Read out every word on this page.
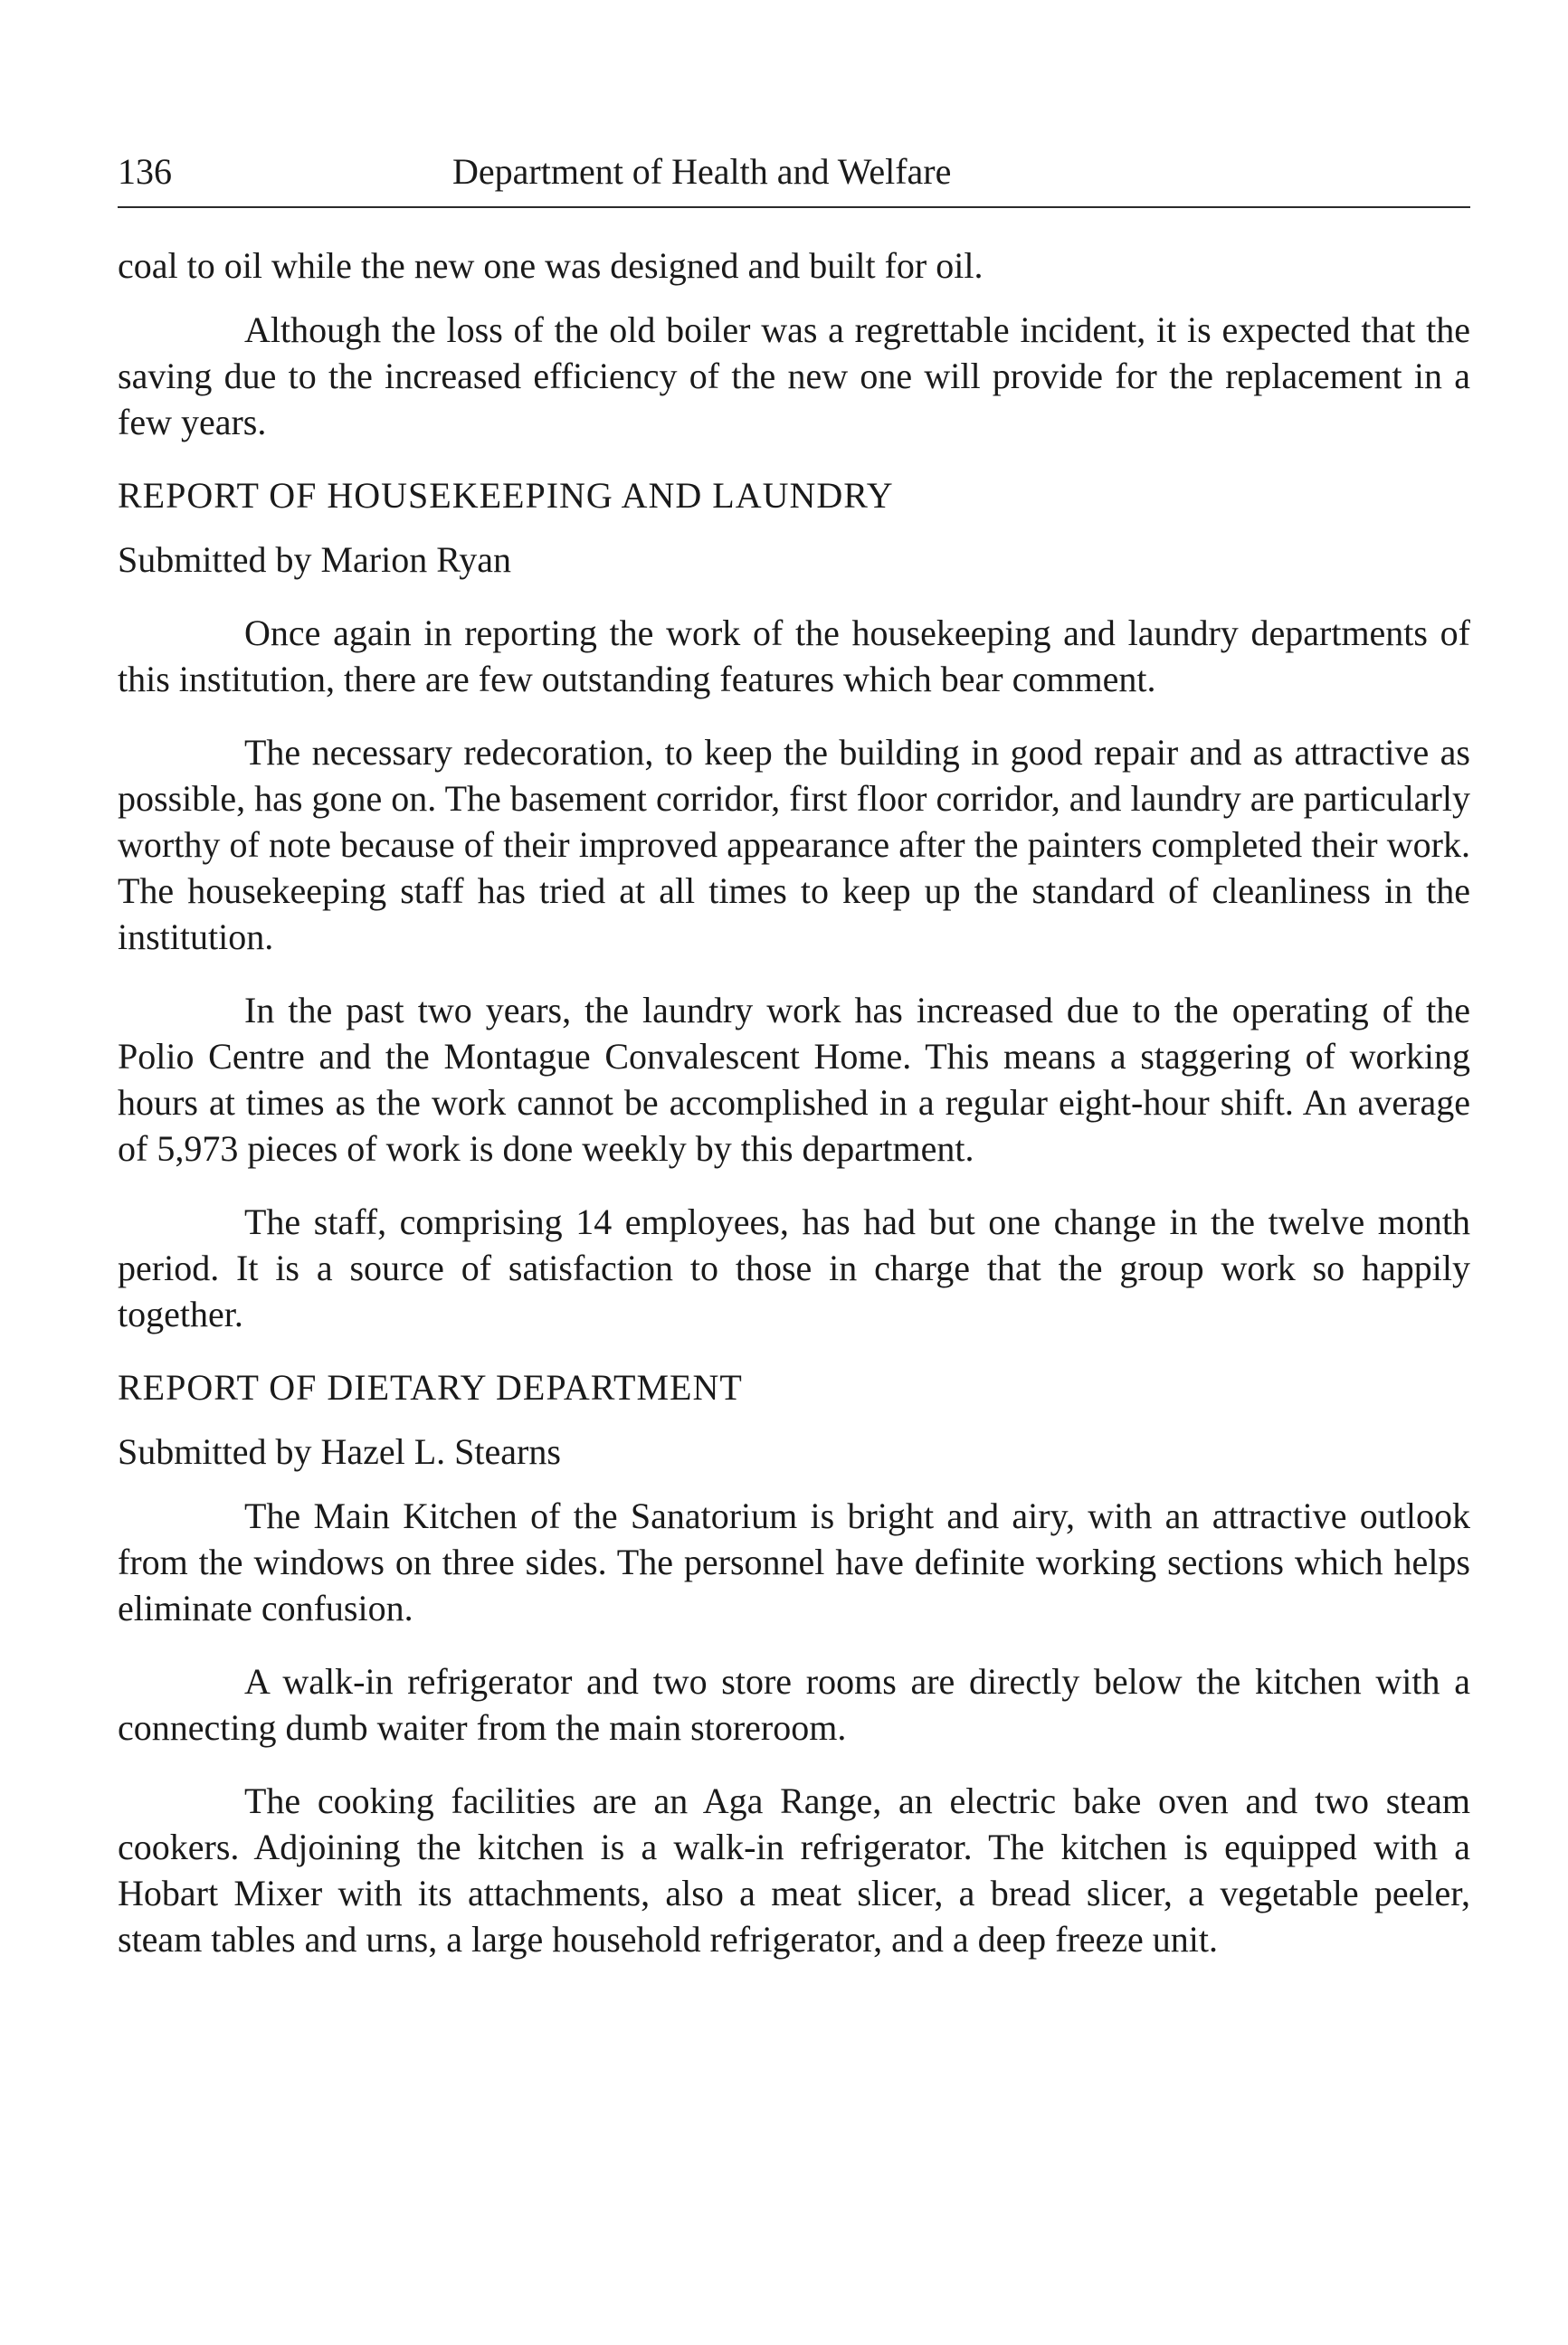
136	Department of Health and Welfare

coal to oil while the new one was designed and built for oil.

Although the loss of the old boiler was a regrettable incident, it is expected that the saving due to the increased efficiency of the new one will provide for the replacement in a few years.

REPORT OF HOUSEKEEPING AND LAUNDRY

Submitted by Marion Ryan

Once again in reporting the work of the housekeeping and laundry departments of this institution, there are few outstanding features which bear comment.

The necessary redecoration, to keep the building in good repair and as attractive as possible, has gone on. The basement corridor, first floor corridor, and laundry are particularly worthy of note because of their improved appearance after the painters completed their work. The housekeeping staff has tried at all times to keep up the standard of cleanliness in the institution.

In the past two years, the laundry work has increased due to the operating of the Polio Centre and the Montague Convalescent Home. This means a staggering of working hours at times as the work cannot be accomplished in a regular eight-hour shift. An average of 5,973 pieces of work is done weekly by this department.

The staff, comprising 14 employees, has had but one change in the twelve month period. It is a source of satisfaction to those in charge that the group work so happily together.

REPORT OF DIETARY DEPARTMENT

Submitted by Hazel L. Stearns

The Main Kitchen of the Sanatorium is bright and airy, with an attractive outlook from the windows on three sides. The personnel have definite working sections which helps eliminate confusion.

A walk-in refrigerator and two store rooms are directly below the kitchen with a connecting dumb waiter from the main storeroom.

The cooking facilities are an Aga Range, an electric bake oven and two steam cookers. Adjoining the kitchen is a walk-in refrigerator. The kitchen is equipped with a Hobart Mixer with its attachments, also a meat slicer, a bread slicer, a vegetable peeler, steam tables and urns, a large household refrigerator, and a deep freeze unit.
